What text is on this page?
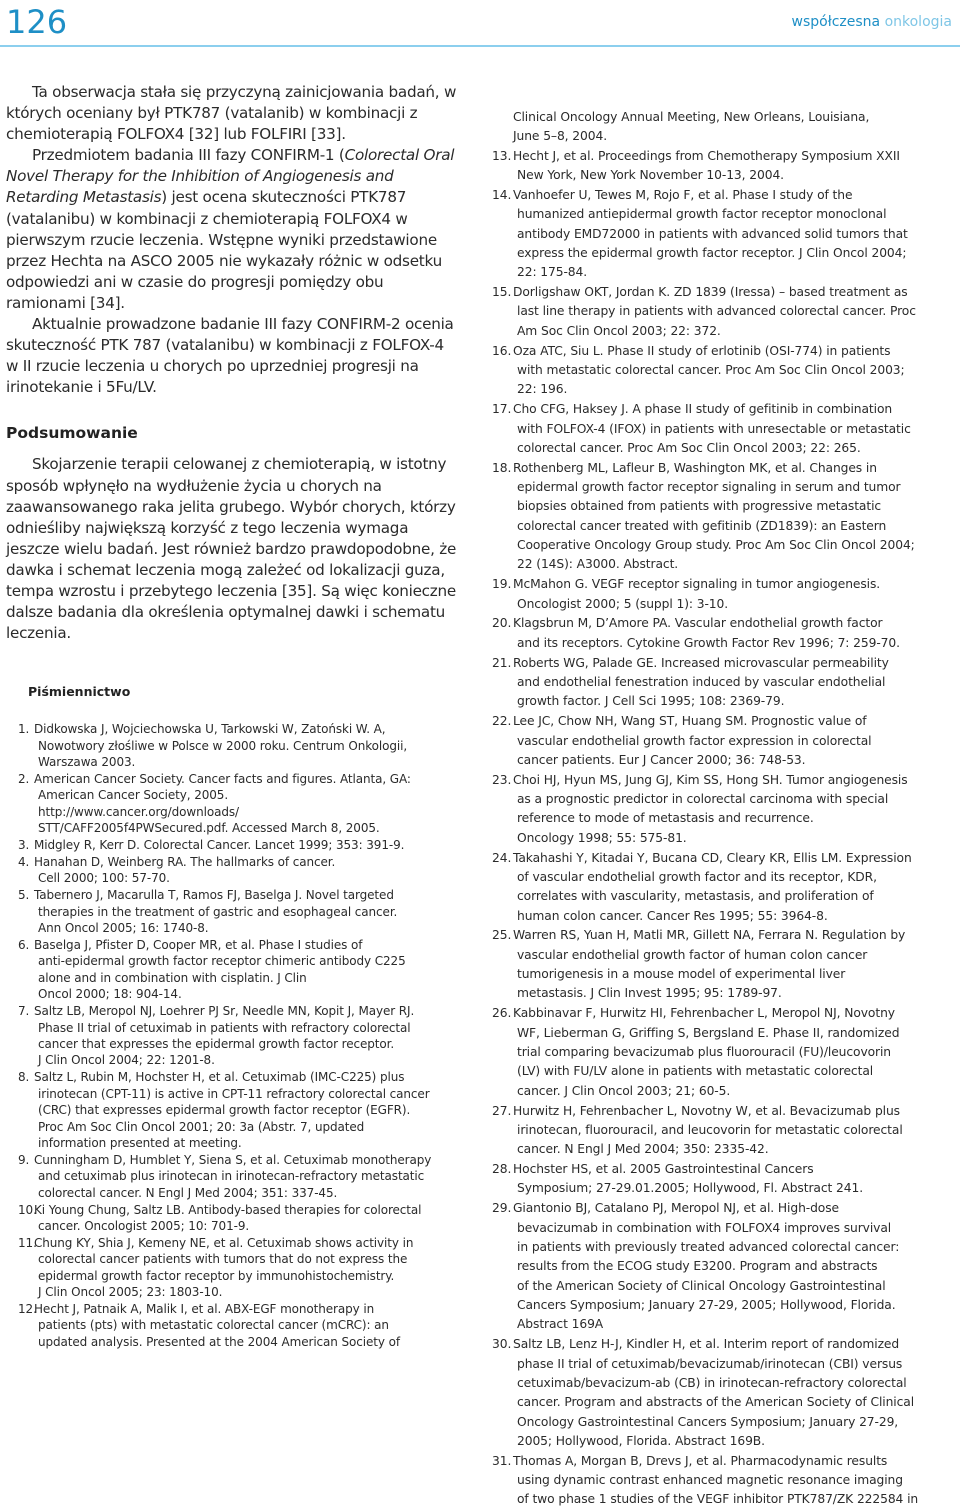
126	współczesna onkologia

Ta obserwacja stała się przyczyną zainicjowania badań, w których oceniany był PTK787 (vatalanib) w kombinacji z chemioterapią FOLFOX4 [32] lub FOLFIRI [33].

Przedmiotem badania III fazy CONFIRM-1 (Colorectal Oral Novel Therapy for the Inhibition of Angiogenesis and Retarding Metastasis) jest ocena skuteczności PTK787 (vatalanibu) w kombinacji z chemioterapią FOLFOX4 w pierwszym rzucie leczenia. Wstępne wyniki przedstawione przez Hechta na ASCO 2005 nie wykazały różnic w odsetku odpowiedzi ani w czasie do progresji pomiędzy obu ramionami [34].

Aktualnie prowadzone badanie III fazy CONFIRM-2 ocenia skuteczność PTK 787 (vatalanibu) w kombinacji z FOLFOX-4 w II rzucie leczenia u chorych po uprzedniej progresji na irinotekanie i 5Fu/LV.

Podsumowanie

Skojarzenie terapii celowanej z chemioterapią, w istotny sposób wpłynęło na wydłużenie życia u chorych na zaawansowanego raka jelita grubego. Wybór chorych, którzy odnieśliby największą korzyść z tego leczenia wymaga jeszcze wielu badań. Jest również bardzo prawdopodobne, że dawka i schemat leczenia mogą zależeć od lokalizacji guza, tempa wzrostu i przebytego leczenia [35]. Są więc konieczne dalsze badania dla określenia optymalnej dawki i schematu leczenia.

Piśmiennictwo
1. Didkowska J, Wojciechowska U, Tarkowski W, Zatoński W. A,
Nowotwory złośliwe w Polsce w 2000 roku. Centrum Onkologii,
Warszawa 2003.
2. American Cancer Society. Cancer facts and figures. Atlanta, GA:
American Cancer Society, 2005.
http://www.cancer.org/downloads/
STT/CAFF2005f4PWSecured.pdf. Accessed March 8, 2005.
3. Midgley R, Kerr D. Colorectal Cancer. Lancet 1999; 353: 391-9.
4. Hanahan D, Weinberg RA. The hallmarks of cancer.
Cell 2000; 100: 57-70.
5. Tabernero J, Macarulla T, Ramos FJ, Baselga J. Novel targeted
therapies in the treatment of gastric and esophageal cancer.
Ann Oncol 2005; 16: 1740-8.
6. Baselga J, Pfister D, Cooper MR, et al. Phase I studies of
anti-epidermal growth factor receptor chimeric antibody C225
alone and in combination with cisplatin. J Clin
Oncol 2000; 18: 904-14.
7. Saltz LB, Meropol NJ, Loehrer PJ Sr, Needle MN, Kopit J, Mayer RJ.
Phase II trial of cetuximab in patients with refractory colorectal
cancer that expresses the epidermal growth factor receptor.
J Clin Oncol 2004; 22: 1201-8.
8. Saltz L, Rubin M, Hochster H, et al. Cetuximab (IMC-C225) plus
irinotecan (CPT-11) is active in CPT-11 refractory colorectal cancer
(CRC) that expresses epidermal growth factor receptor (EGFR).
Proc Am Soc Clin Oncol 2001; 20: 3a (Abstr. 7, updated
information presented at meeting.
9. Cunningham D, Humblet Y, Siena S, et al. Cetuximab monotherapy
and cetuximab plus irinotecan in irinotecan-refractory metastatic
colorectal cancer. N Engl J Med 2004; 351: 337-45.
10.
Ki Young Chung, Saltz LB. Antibody-based therapies for colorectal
cancer. Oncologist 2005; 10: 701-9.
11.
Chung KY, Shia J, Kemeny NE, et al. Cetuximab shows activity in
colorectal cancer patients with tumors that do not express the
epidermal growth factor receptor by immunohistochemistry.
J Clin Oncol 2005; 23: 1803-10.
12.
Hecht J, Patnaik A, Malik I, et al. ABX-EGF monotherapy in
patients (pts) with metastatic colorectal cancer (mCRC): an
updated analysis. Presented at the 2004 American Society of
Clinical Oncology Annual Meeting, New Orleans, Louisiana,
June 5–8, 2004.
13. Hecht J, et al. Proceedings from Chemotherapy Symposium XXII
New York, New York November 10-13, 2004.
14. Vanhoefer U, Tewes M, Rojo F, et al. Phase I study of the
humanized antiepidermal growth factor receptor monoclonal
antibody EMD72000 in patients with advanced solid tumors that
express the epidermal growth factor receptor. J Clin Oncol 2004;
22: 175-84.
15. Dorligshaw OKT, Jordan K. ZD 1839 (Iressa) – based treatment as
last line therapy in patients with advanced colorectal cancer. Proc
Am Soc Clin Oncol 2003; 22: 372.
16. Oza ATC, Siu L. Phase II study of erlotinib (OSI-774) in patients
with metastatic colorectal cancer. Proc Am Soc Clin Oncol 2003;
22: 196.
17. Cho CFG, Haksey J. A phase II study of gefitinib in combination
with FOLFOX-4 (IFOX) in patients with unresectable or metastatic
colorectal cancer. Proc Am Soc Clin Oncol 2003; 22: 265.
18. Rothenberg ML, Lafleur B, Washington MK, et al. Changes in
epidermal growth factor receptor signaling in serum and tumor
biopsies obtained from patients with progressive metastatic
colorectal cancer treated with gefitinib (ZD1839): an Eastern
Cooperative Oncology Group study. Proc Am Soc Clin Oncol 2004;
22 (14S): A3000. Abstract.
19. McMahon G. VEGF receptor signaling in tumor angiogenesis.
Oncologist 2000; 5 (suppl 1): 3-10.
20. Klagsbrun M, D’Amore PA. Vascular endothelial growth factor
and its receptors. Cytokine Growth Factor Rev 1996; 7: 259-70.
21. Roberts WG, Palade GE. Increased microvascular permeability
and endothelial fenestration induced by vascular endothelial
growth factor. J Cell Sci 1995; 108: 2369-79.
22. Lee JC, Chow NH, Wang ST, Huang SM. Prognostic value of
vascular endothelial growth factor expression in colorectal
cancer patients. Eur J Cancer 2000; 36: 748-53.
23. Choi HJ, Hyun MS, Jung GJ, Kim SS, Hong SH. Tumor angiogenesis
as a prognostic predictor in colorectal carcinoma with special
reference to mode of metastasis and recurrence.
Oncology 1998; 55: 575-81.
24. Takahashi Y, Kitadai Y, Bucana CD, Cleary KR, Ellis LM. Expression
of vascular endothelial growth factor and its receptor, KDR,
correlates with vascularity, metastasis, and proliferation of
human colon cancer. Cancer Res 1995; 55: 3964-8.
25. Warren RS, Yuan H, Matli MR, Gillett NA, Ferrara N. Regulation by
vascular endothelial growth factor of human colon cancer
tumorigenesis in a mouse model of experimental liver
metastasis. J Clin Invest 1995; 95: 1789-97.
26. Kabbinavar F, Hurwitz HI, Fehrenbacher L, Meropol NJ, Novotny
WF, Lieberman G, Griffing S, Bergsland E. Phase II, randomized
trial comparing bevacizumab plus fluorouracil (FU)/leucovorin
(LV) with FU/LV alone in patients with metastatic colorectal
cancer. J Clin Oncol 2003; 21; 60-5.
27. Hurwitz H, Fehrenbacher L, Novotny W, et al. Bevacizumab plus
irinotecan, fluorouracil, and leucovorin for metastatic colorectal
cancer. N Engl J Med 2004; 350: 2335-42.
28. Hochster HS, et al. 2005 Gastrointestinal Cancers
Symposium; 27-29.01.2005; Hollywood, Fl. Abstract 241.
29. Giantonio BJ, Catalano PJ, Meropol NJ, et al. High-dose
bevacizumab in combination with FOLFOX4 improves survival
in patients with previously treated advanced colorectal cancer:
results from the ECOG study E3200. Program and abstracts
of the American Society of Clinical Oncology Gastrointestinal
Cancers Symposium; January 27-29, 2005; Hollywood, Florida.
Abstract 169A
30. Saltz LB, Lenz H-J, Kindler H, et al. Interim report of randomized
phase II trial of cetuximab/bevacizumab/irinotecan (CBI) versus
cetuximab/bevacizum-ab (CB) in irinotecan-refractory colorectal
cancer. Program and abstracts of the American Society of Clinical
Oncology Gastrointestinal Cancers Symposium; January 27-29,
2005; Hollywood, Florida. Abstract 169B.
31. Thomas A, Morgan B, Drevs J, et al. Pharmacodynamic results
using dynamic contrast enhanced magnetic resonance imaging
of two phase 1 studies of the VEGF inhibitor PTK787/ZK 222584 in
